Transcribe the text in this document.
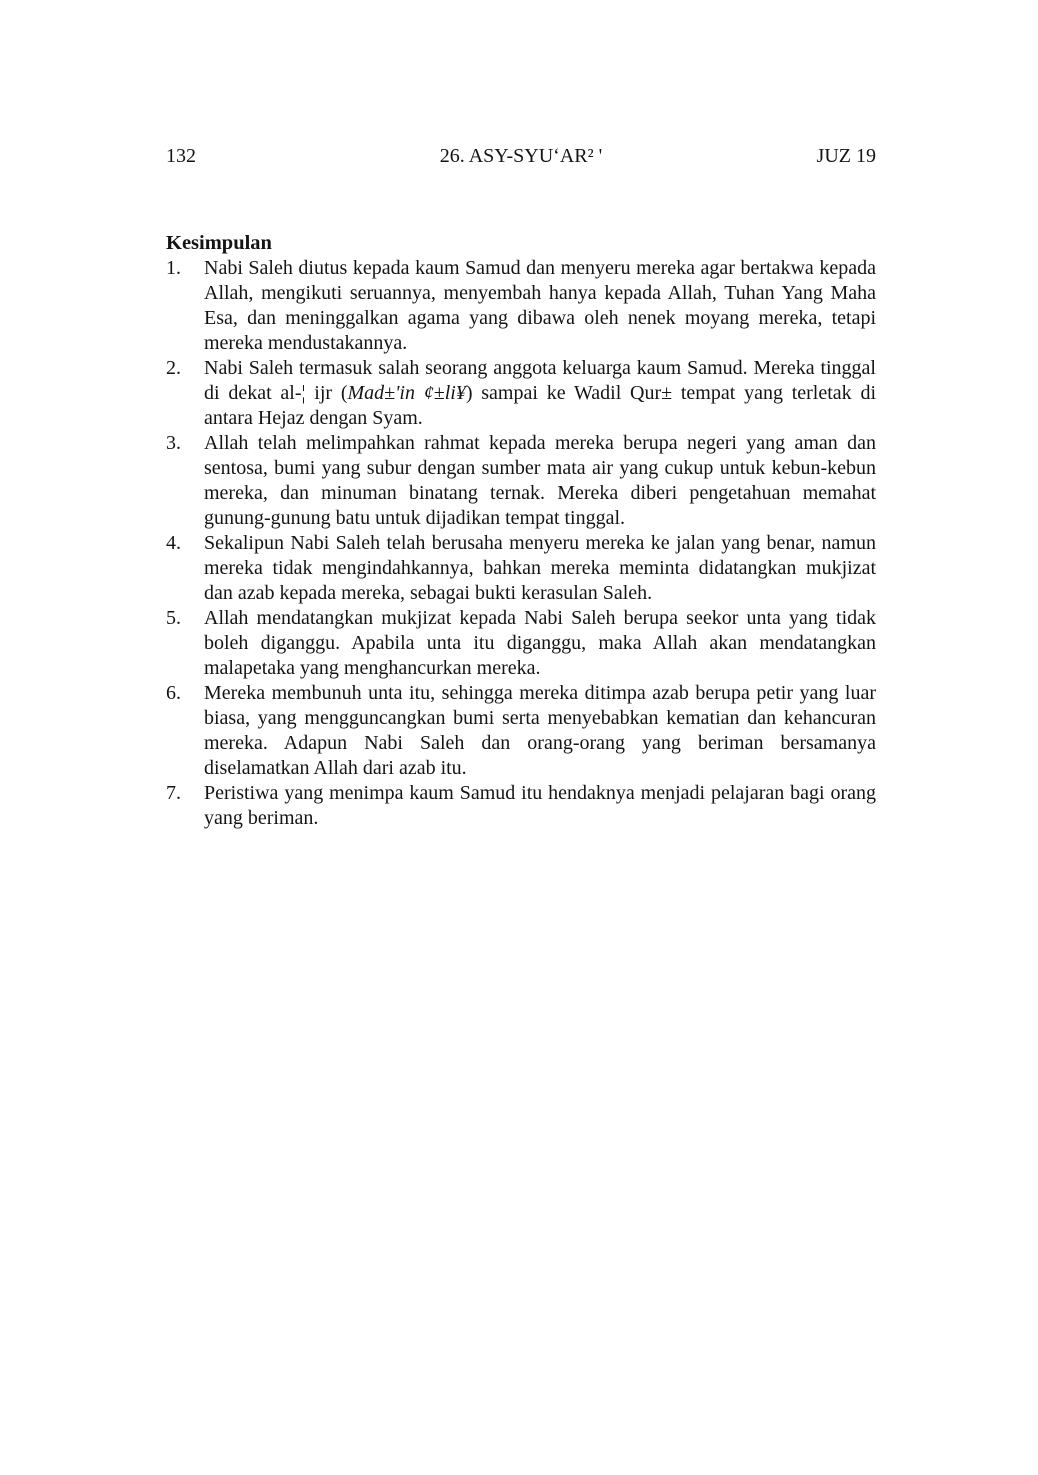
132	26. ASY-SYU‘AR² '	JUZ 19

Kesimpulan

1.	Nabi Saleh diutus kepada kaum Samud dan menyeru mereka agar bertakwa kepada Allah, mengikuti seruannya, menyembah hanya kepada Allah, Tuhan Yang Maha Esa, dan meninggalkan agama yang dibawa oleh nenek moyang mereka, tetapi mereka mendustakannya.
2.	Nabi Saleh termasuk salah seorang anggota keluarga kaum Samud. Mereka tinggal di dekat al-¦ ijr (Mad±'in ¢±li¥) sampai ke Wadil Qur± tempat yang terletak di antara Hejaz dengan Syam.
3.	Allah telah melimpahkan rahmat kepada mereka berupa negeri yang aman dan sentosa, bumi yang subur dengan sumber mata air yang cukup untuk kebun-kebun mereka, dan minuman binatang ternak. Mereka diberi pengetahuan memahat gunung-gunung batu untuk dijadikan tempat tinggal.
4.	Sekalipun Nabi Saleh telah berusaha menyeru mereka ke jalan yang benar, namun mereka tidak mengindahkannya, bahkan mereka meminta didatangkan mukjizat dan azab kepada mereka, sebagai bukti kerasulan Saleh.
5.	Allah mendatangkan mukjizat kepada Nabi Saleh berupa seekor unta yang tidak boleh diganggu. Apabila unta itu diganggu, maka Allah akan mendatangkan malapetaka yang menghancurkan mereka.
6.	Mereka membunuh unta itu, sehingga mereka ditimpa azab berupa petir yang luar biasa, yang mengguncangkan bumi serta menyebabkan kematian dan kehancuran mereka. Adapun Nabi Saleh dan orang-orang yang beriman bersamanya diselamatkan Allah dari azab itu.
7.	Peristiwa yang menimpa kaum Samud itu hendaknya menjadi pelajaran bagi orang yang beriman.
